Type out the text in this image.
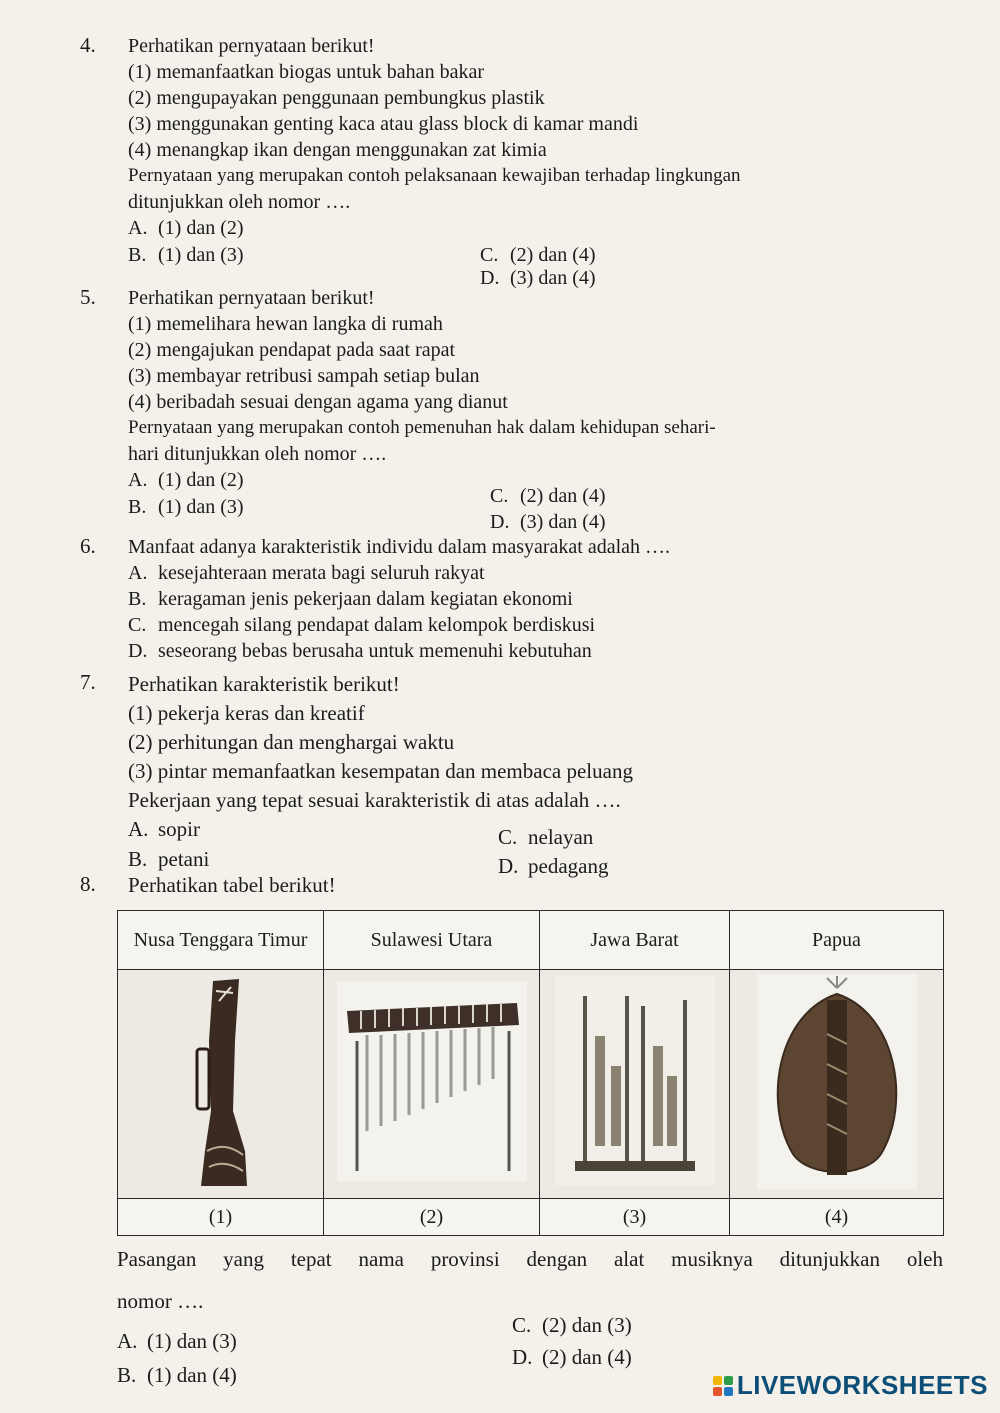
4. Perhatikan pernyataan berikut!
(1) memanfaatkan biogas untuk bahan bakar
(2) mengupayakan penggunaan pembungkus plastik
(3) menggunakan genting kaca atau glass block di kamar mandi
(4) menangkap ikan dengan menggunakan zat kimia
Pernyataan yang merupakan contoh pelaksanaan kewajiban terhadap lingkungan
ditunjukkan oleh nomor ….
A. (1) dan (2)
B. (1) dan (3)	C. (2) dan (4)
D. (3) dan (4)
5. Perhatikan pernyataan berikut!
(1) memelihara hewan langka di rumah
(2) mengajukan pendapat pada saat rapat
(3) membayar retribusi sampah setiap bulan
(4) beribadah sesuai dengan agama yang dianut
Pernyataan yang merupakan contoh pemenuhan hak dalam kehidupan sehari-
hari ditunjukkan oleh nomor ….
A. (1) dan (2)
B. (1) dan (3)	C. (2) dan (4)
D. (3) dan (4)
6. Manfaat adanya karakteristik individu dalam masyarakat adalah ….
A. kesejahteraan merata bagi seluruh rakyat
B. keragaman jenis pekerjaan dalam kegiatan ekonomi
C. mencegah silang pendapat dalam kelompok berdiskusi
D. seseorang bebas berusaha untuk memenuhi kebutuhan
7. Perhatikan karakteristik berikut!
(1) pekerja keras dan kreatif
(2) perhitungan dan menghargai waktu
(3) pintar memanfaatkan kesempatan dan membaca peluang
Pekerjaan yang tepat sesuai karakteristik di atas adalah ….
A. sopir
B. petani
C. nelayan
D. pedagang
8. Perhatikan tabel berikut!
Nusa Tenggara Timur	Sulawesi Utara	Jawa Barat	Papua

(1)	(2)	(3)	(4)
Pasangan yang tepat nama provinsi dengan alat musiknya ditunjukkan oleh
nomor ….
A. (1) dan (3)
B. (1) dan (4)
C. (2) dan (3)
D. (2) dan (4)
LIVEWORKSHEETS
